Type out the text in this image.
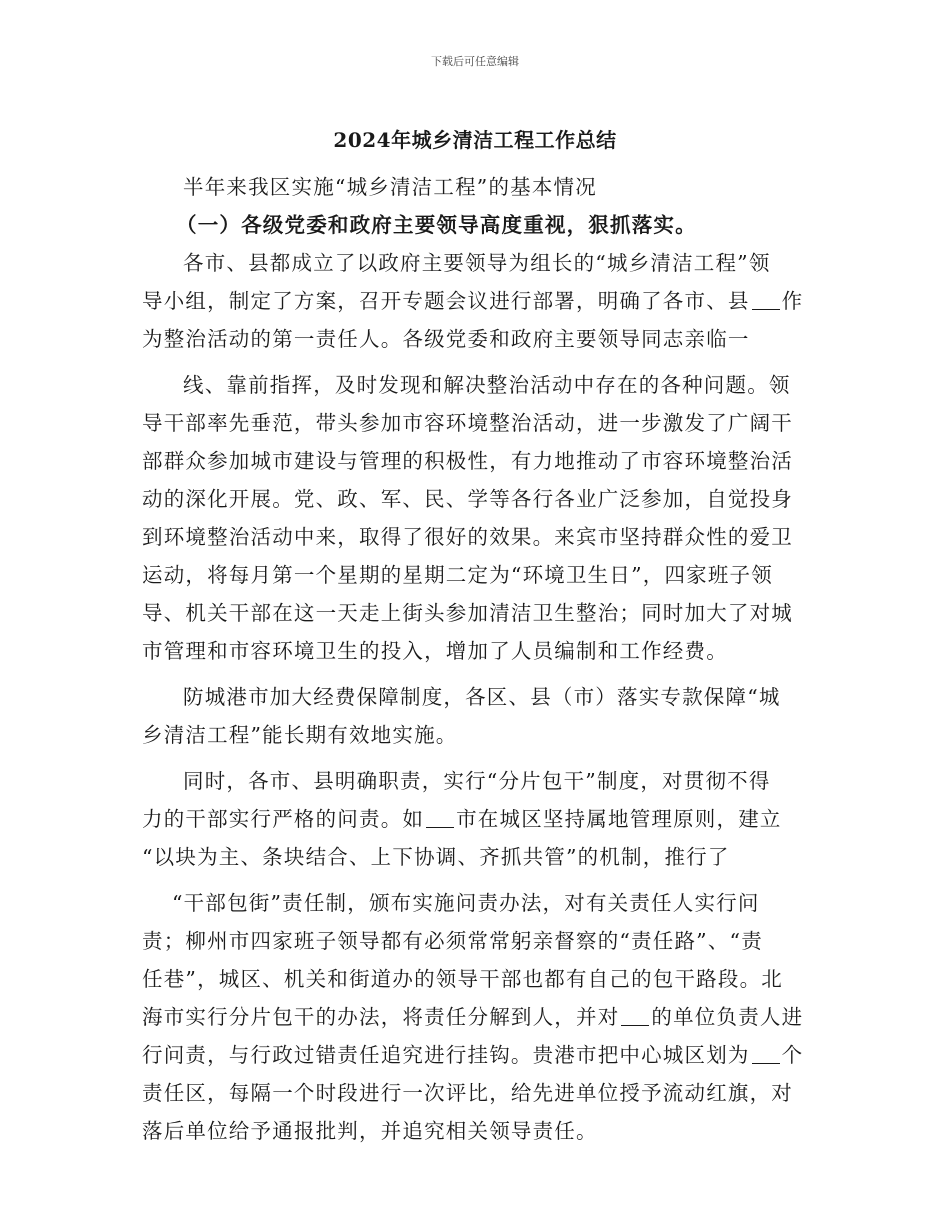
下载后可任意编辑
2024年城乡清洁工程工作总结
半年来我区实施“城乡清洁工程”的基本情况
（一）各级党委和政府主要领导高度重视，狠抓落实。
各市、县都成立了以政府主要领导为组长的“城乡清洁工程”领
导小组，制定了方案，召开专题会议进行部署，明确了各市、县 作
为整治活动的第一责任人。各级党委和政府主要领导同志亲临一
线、靠前指挥，及时发现和解决整治活动中存在的各种问题。领
导干部率先垂范，带头参加市容环境整治活动，进一步激发了广阔干
部群众参加城市建设与管理的积极性，有力地推动了市容环境整治活
动的深化开展。党、政、军、民、学等各行各业广泛参加，自觉投身
到环境整治活动中来，取得了很好的效果。来宾市坚持群众性的爱卫
运动，将每月第一个星期的星期二定为“环境卫生日”，四家班子领
导、机关干部在这一天走上街头参加清洁卫生整治；同时加大了对城
市管理和市容环境卫生的投入，增加了人员编制和工作经费。
防城港市加大经费保障制度，各区、县（市）落实专款保障“城
乡清洁工程”能长期有效地实施。
同时，各市、县明确职责，实行“分片包干”制度，对贯彻不得
力的干部实行严格的问责。如 市在城区坚持属地管理原则，建立
“以块为主、条块结合、上下协调、齐抓共管”的机制，推行了
“干部包街”责任制，颁布实施问责办法，对有关责任人实行问
责；柳州市四家班子领导都有必须常常躬亲督察的“责任路”、“责
任巷”，城区、机关和街道办的领导干部也都有自己的包干路段。北
海市实行分片包干的办法，将责任分解到人，并对 的单位负责人进
行问责，与行政过错责任追究进行挂钩。贵港市把中心城区划为 个
责任区，每隔一个时段进行一次评比，给先进单位授予流动红旗，对
落后单位给予通报批判，并追究相关领导责任。
